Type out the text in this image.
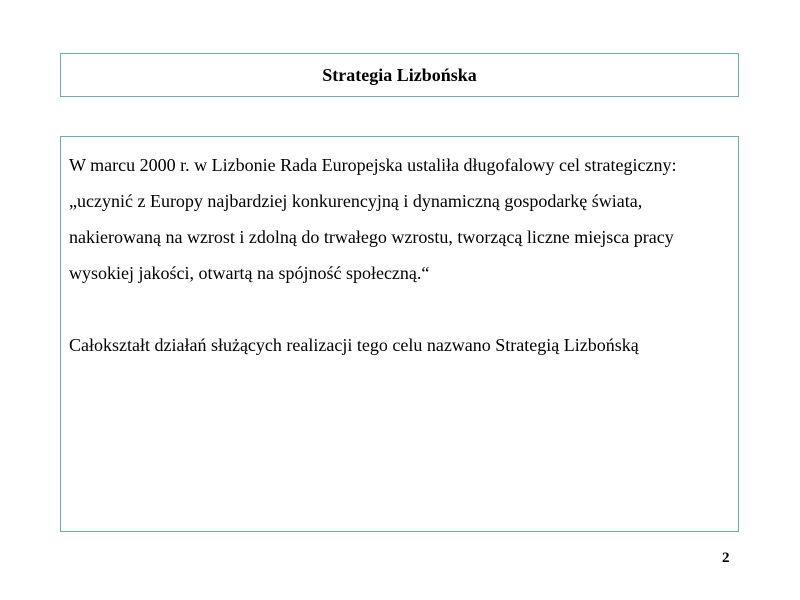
Strategia Lizbońska

W marcu 2000 r. w Lizbonie Rada Europejska ustaliła długofalowy cel strategiczny: „uczynić z Europy najbardziej konkurencyjną i dynamiczną gospodarkę świata, nakierowaną na wzrost i zdolną do trwałego wzrostu, tworzącą liczne miejsca pracy wysokiej jakości, otwartą na spójność społeczną.“

Całokształt działań służących realizacji tego celu nazwano Strategią Lizbońską

2
